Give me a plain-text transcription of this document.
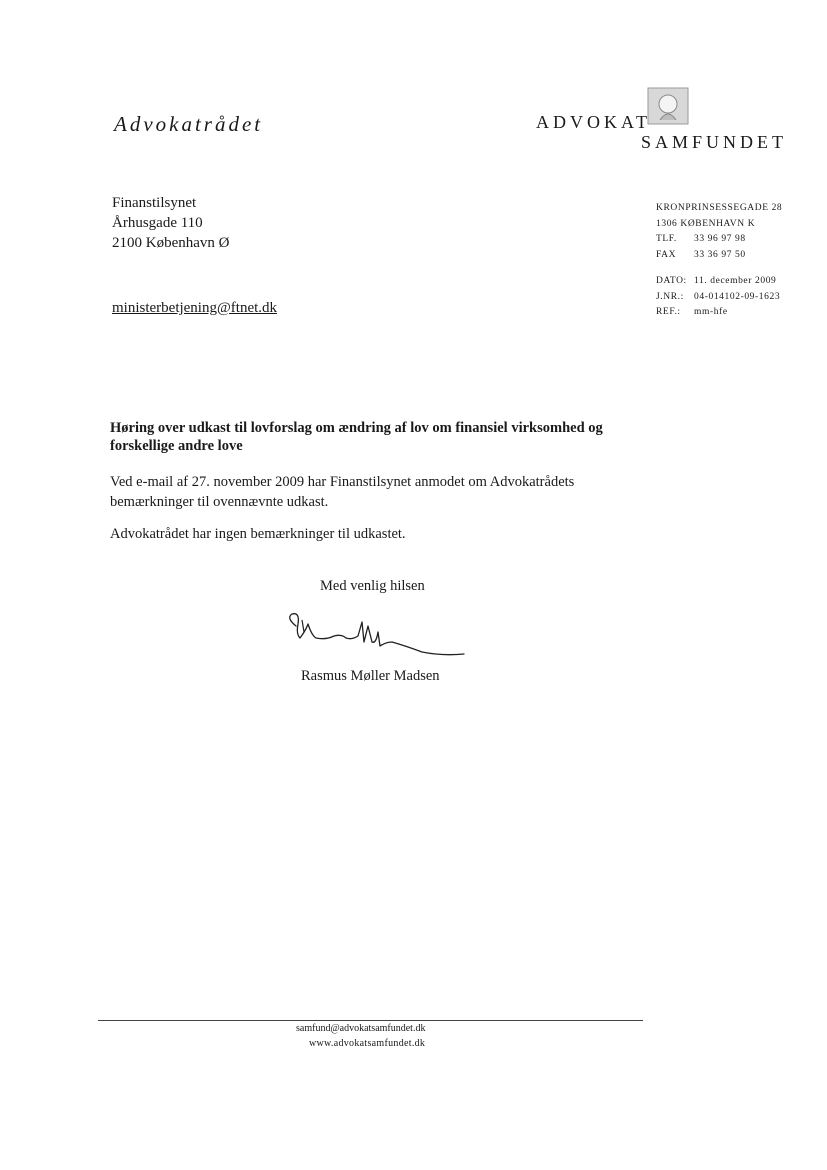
Advokatrådet	ADVOKAT
SAMFUNDET
Finanstilsynet
Århusgade 110
2100 København Ø
ministerbetjening@ftnet.dk
KRONPRINSESSEGADE 28
1306 KØBENHAVN K
TLF.	33 96 97 98
FAX	33 36 97 50
DATO: 11. december 2009
J.NR.:	04-014102-09-1623
REF.:	mm-hfe
Høring over udkast til lovforslag om ændring af lov om finansiel virksomhed og forskellige andre love
Ved e-mail af 27. november 2009 har Finanstilsynet anmodet om Advokatrådets bemærkninger til ovennævnte udkast.
Advokatrådet har ingen bemærkninger til udkastet.
Med venlig hilsen
Rasmus Møller Madsen
samfund@advokatsamfundet.dk
www.advokatsamfundet.dk
